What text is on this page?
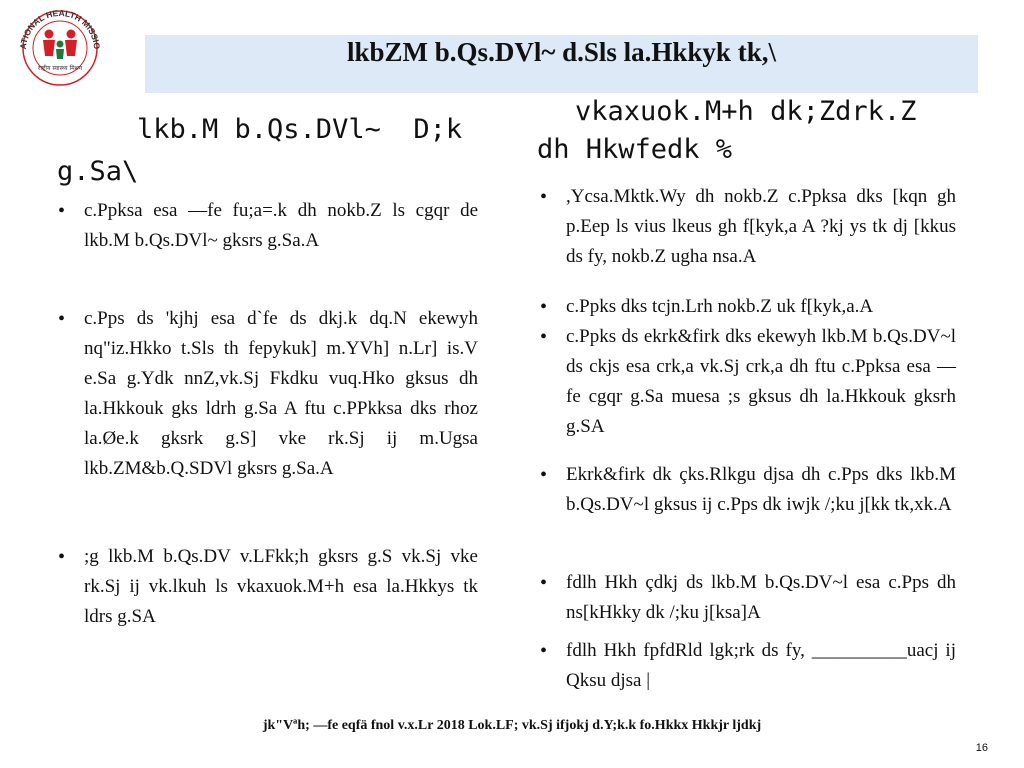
ATIONAL HEALTH MISSIO
राष्ट्रीय स्वास्थ्य मिशन
lkbZM b.Qs.DVl~ d.Sls la.Hkkyk tk,\
lkb.M b.Qs.DVl~  D;k
g.Sa\
vkaxuok.M+h dk;Zdrk.Z
dh Hkwfedk %
• c.Ppksa esa —fe fu;a=.k dh nokb.Z ls cgqr de lkb.M b.Qs.DVl~ gksrs g.Sa.A
• c.Pps ds 'kjhj esa d`fe ds dkj.k dq.N ekewyh nq"iz.Hkko t.Sls th fepykuk] m.YVh] n.Lr] is.V e.Sa g.Ydk nnZ,vk.Sj Fkdku vuq.Hko gksus dh la.Hkkouk gks ldrh g.Sa A ftu c.PPkksa dks rhoz la.Øe.k gksrk g.S] vke rk.Sj ij m.Ugsa lkb.ZM&b.Q.SDVl gksrs g.Sa.A
• ;g lkb.M b.Qs.DV v.LFkk;h gksrs g.S vk.Sj vke rk.Sj ij vk.lkuh ls vkaxuok.M+h esa la.Hkkys tk ldrs g.SA
• ,Ycsa.Mktk.Wy dh nokb.Z c.Ppksa dks [kqn gh p.Eep ls vius lkeus gh f[kyk,a A ?kj ys tk dj [kkus ds fy, nokb.Z ugha nsa.A
• c.Ppks dks tcjn.Lrh nokb.Z uk f[kyk,a.A
• c.Ppks ds ekrk&firk dks ekewyh lkb.M b.Qs.DV~l ds ckjs esa crk,a vk.Sj crk,a dh ftu c.Ppksa esa —fe cgqr g.Sa muesa ;s gksus dh la.Hkkouk gksrh g.SA
• Ekrk&firk dk çks.Rlkgu djsa dh c.Pps dks lkb.M b.Qs.DV~l gksus ij c.Pps dk iwjk /;ku j[kk tk,xk.A
• fdlh Hkh çdkj ds lkb.M b.Qs.DV~l esa c.Pps dh ns[kHkky dk /;ku j[ksa]A
• fdlh Hkh fpfdRld lgk;rk ds fy, __________uacj ij Qksu djsa |
jk"Vªh; —fe eqfä fnol v.x.Lr 2018 Lok.LF; vk.Sj ifjokj d.Y;k.k fo.Hkkx Hkkjr ljdkj
16
